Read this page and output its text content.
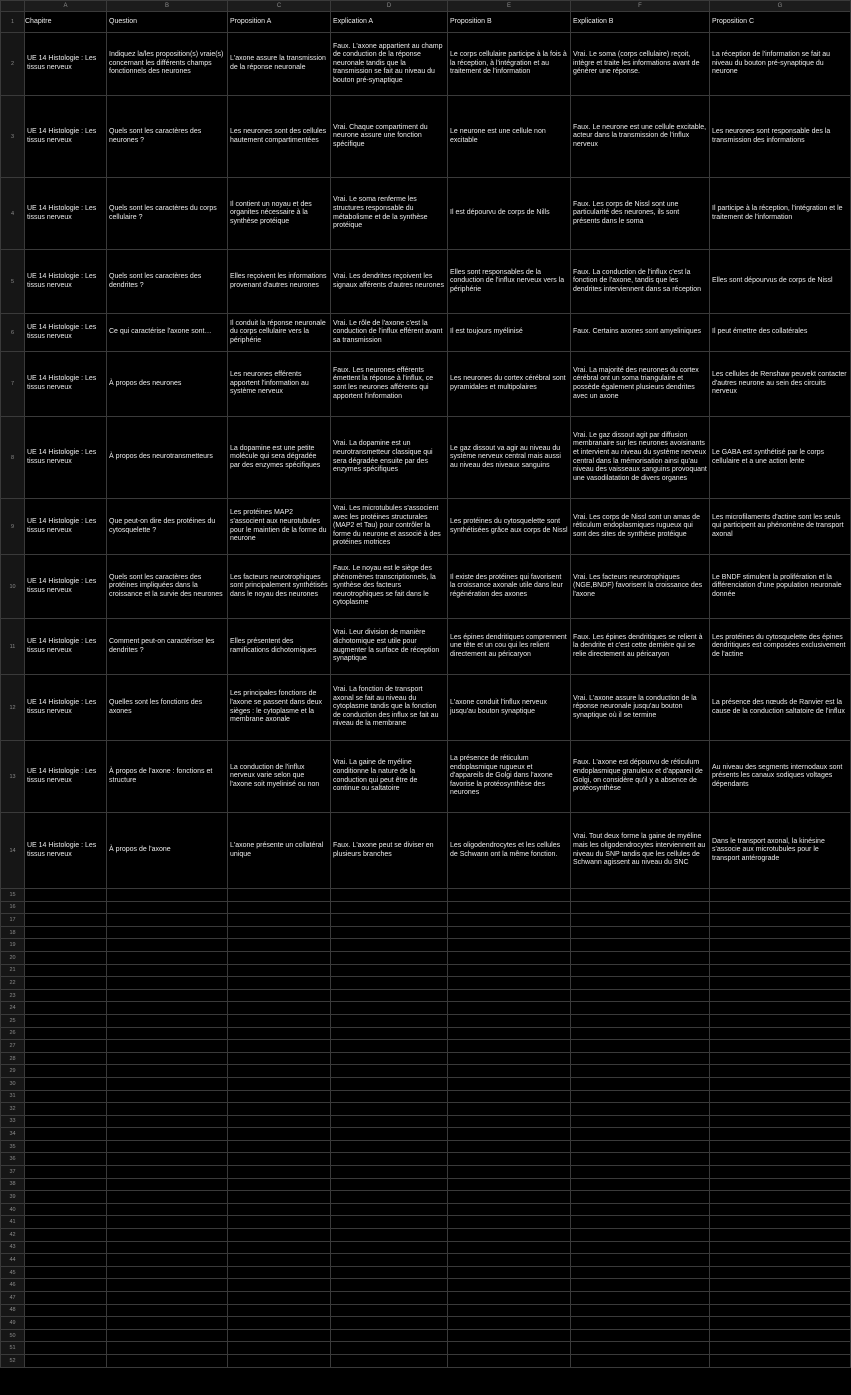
	A	B	C	D	E	F	G
1	Chapitre	Question	Proposition A	Explication A	Proposition B	Explication B	Proposition C
2	UE 14 Histologie : Les tissus nerveux	Indiquez la/les proposition(s) vraie(s) concernant les différents champs fonctionnels des neurones	L'axone assure la transmission de la réponse neuronale	Faux. L'axone appartient au champ de conduction de la réponse neuronale tandis que la transmission se fait au niveau du bouton pré-synaptique	Le corps cellulaire participe à la fois à la réception, à l'intégration et au traitement de l'information	Vrai. Le soma (corps cellulaire) reçoit, intègre et traite les informations avant de générer une réponse.	La réception de l'information se fait au niveau du bouton pré-synaptique du neurone

3	UE 14 Histologie : Les tissus nerveux	Quels sont les caractères des neurones ?	Les neurones sont des cellules hautement compartimentées	Vrai. Chaque compartiment du neurone assure une fonction spécifique	Le neurone est une cellule non excitable	Faux. Le neurone est une cellule excitable, acteur dans la transmission de l'influx nerveux	Les neurones sont responsable des la transmission des informations

4	UE 14 Histologie : Les tissus nerveux	Quels sont les caractères du corps cellulaire ?	Il contient un noyau et des organites nécessaire à la synthèse protéique	Vrai. Le soma renferme les structures responsable du métabolisme et de la synthèse protéique	Il est dépourvu de corps de Nills	Faux. Les corps de Nissl sont une particularité des neurones, ils sont présents dans le soma	Il participe à la réception, l'intégration et le traitement de l'information

5	UE 14 Histologie : Les tissus nerveux	Quels sont les caractères des dendrites ?	Elles reçoivent les informations provenant d'autres neurones	Vrai. Les dendrites reçoivent les signaux afférents d'autres neurones	Elles sont responsables de la conduction de l'influx nerveux vers la périphérie	Faux. La conduction de l'influx c'est la fonction de l'axone, tandis que les dendrites interviennent dans sa réception	Elles sont dépourvus de corps de Nissl

6	UE 14 Histologie : Les tissus nerveux	Ce qui caractérise l'axone sont…	Il conduit la réponse neuronale du corps cellulaire vers la périphérie	Vrai. Le rôle de l'axone c'est la conduction de l'influx efférent avant sa transmission	Il est toujours myélinisé	Faux. Certains axones sont amyeliniques	Il peut émettre des collatérales

7	UE 14 Histologie : Les tissus nerveux	À propos des neurones	Les neurones efférents apportent l'information au système nerveux	Faux. Les neurones efférents émettent la réponse à l'influx, ce sont les neurones afférents qui apportent l'information	Les neurones du cortex cérébral sont pyramidales et multipolaires	Vrai. La majorité des neurones du cortex cérébral ont un soma triangulaire et possède également plusieurs dendrites avec un axone	Les cellules de Renshaw peuvekt contacter d'autres neurone au sein des circuits nerveux

8	UE 14 Histologie : Les tissus nerveux	À propos des neurotransmetteurs	La dopamine est une petite molécule qui sera dégradée par des enzymes spécifiques	Vrai. La dopamine est un neurotransmetteur classique qui sera dégradée ensuite par des enzymes spécifiques	Le gaz dissout va agir au niveau du système nerveux central mais aussi au niveau des niveaux sanguins	Vrai. Le gaz dissout agit par diffusion membranaire sur les neurones avoisinants et intervient au niveau du système nerveux central dans la mémorisation ainsi qu'au niveau des vaisseaux sanguins provoquant une vasodilatation de divers organes	Le GABA est synthétisé par le corps cellulaire et a une action lente

9	UE 14 Histologie : Les tissus nerveux	Que peut-on dire des protéines du cytosquelette ?	Les protéines MAP2 s'associent aux neurotubules pour le maintien de la forme du neurone	Vrai. Les microtubules s'associent avec les protéines structurales (MAP2 et Tau) pour contrôler la forme du neurone et associé à des protéines motrices	Les protéines du cytosquelette sont synthétisées grâce aux corps de Nissl	Vrai. Les corps de Nissl sont un amas de réticulum endoplasmiques rugueux qui sont des sites de synthèse protéique	Les microfilaments d'actine sont les seuls qui participent au phénomène de transport axonal

10	UE 14 Histologie : Les tissus nerveux	Quels sont les caractères des protéines impliquées dans la croissance et la survie des neurones	Les facteurs neurotrophiques sont principalement synthétisés dans le noyau des neurones	Faux. Le noyau est le siège des phénomènes transcriptionnels, la synthèse des facteurs neurotrophiques se fait dans le cytoplasme	Il existe des protéines qui favorisent la croissance axonale utile dans leur régénération des axones	Vrai. Les facteurs neurotrophiques (NGE,BNDF) favorisent la croissance des l'axone	Le BNDF stimulent la prolifération et la différenciation d'une population neuronale donnée

11	UE 14 Histologie : Les tissus nerveux	Comment peut-on caractériser les dendrites ?	Elles présentent des ramifications dichotomiques	Vrai. Leur division de manière dichotomique est utile pour augmenter la surface de réception synaptique	Les épines dendritiques comprennent une tête et un cou qui les relient directement au péricaryon	Faux. Les épines dendritiques se relient à la dendrite et c'est cette dernière qui se relie directement au péricaryon	Les protéines du cytosquelette des épines dendritiques est composées exclusivement de l'actine

12	UE 14 Histologie : Les tissus nerveux	Quelles sont les fonctions des axones	Les principales fonctions de l'axone se passent dans deux sièges : le cytoplasme et la membrane axonale	Vrai. La fonction de transport axonal se fait au niveau du cytoplasme tandis que la fonction de conduction des influx se fait au niveau de la membrane	L'axone conduit l'influx nerveux jusqu'au bouton synaptique	Vrai. L'axone assure la conduction de la réponse neuronale jusqu'au bouton synaptique où il se termine	La présence des nœuds de Ranvier est la cause de la conduction saltatoire de l'influx

13	UE 14 Histologie : Les tissus nerveux	À propos de l'axone : fonctions et structure	La conduction de l'influx nerveux varie selon que l'axone soit myelinisé ou non	Vrai. La gaine de myéline conditionne la nature de la conduction qui peut être de continue ou saltatoire	La présence de réticulum endoplasmique rugueux et d'appareils de Golgi dans l'axone favorise la protéosynthèse des neurones	Faux. L'axone est dépourvu de réticulum endoplasmique granuleux et d'appareil de Golgi, on considère qu'il y a absence de protéosynthèse	Au niveau des segments internodaux sont présents les canaux sodiques voltages dépendants

14	UE 14 Histologie : Les tissus nerveux	À propos de l'axone	L'axone présente un collatéral unique	Faux. L'axone peut se diviser en plusieurs branches	Les oligodendrocytes et les cellules de Schwann ont la même fonction.	Vrai. Tout deux forme la gaine de myéline mais les oligodendrocytes interviennent au niveau du SNP tandis que les cellules de Schwann agissent au niveau du SNC	Dans le transport axonal, la kinésine s'associe aux microtubules pour le transport antérograde

15							
16							
17							
18							
19							
20							
21							
22							
23							
24							
25							
26							
27							
28							
29							
30							
31							
32							
33							
34							
35							
36							
37							
38							
39							
40							
41							
42							
43							
44							
45							
46							
47							
48							
49							
50							
51							
52							
